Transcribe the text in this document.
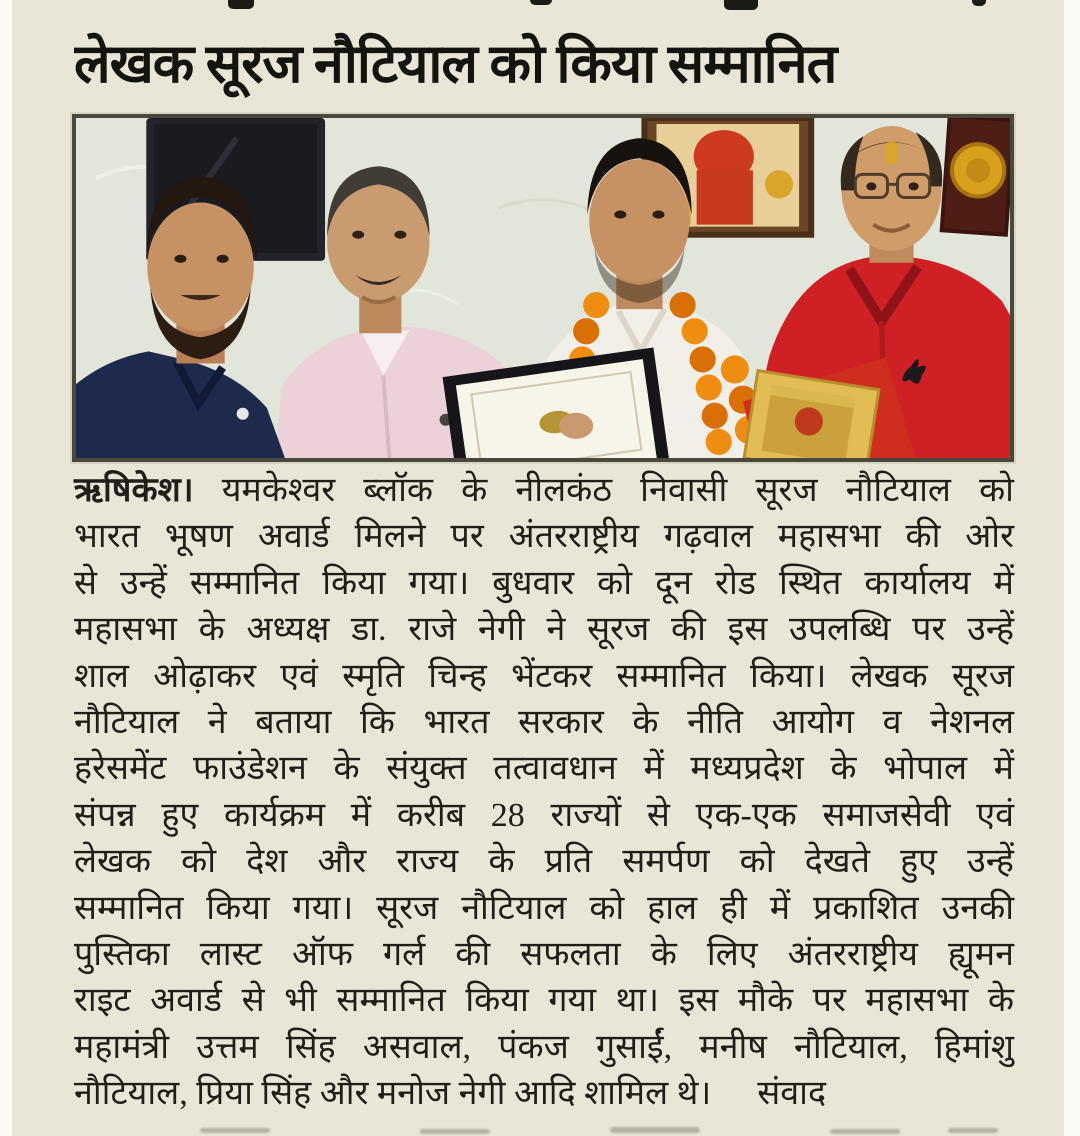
लेखक सूरज नौटियाल को किया सम्मानित
ऋषिकेश। यमकेश्वर ब्लॉक के नीलकंठ निवासी सूरज नौटियाल को
भारत भूषण अवार्ड मिलने पर अंतरराष्ट्रीय गढ़वाल महासभा की ओर
से उन्हें सम्मानित किया गया। बुधवार को दून रोड स्थित कार्यालय में
महासभा के अध्यक्ष डा. राजे नेगी ने सूरज की इस उपलब्धि पर उन्हें
शाल ओढ़ाकर एवं स्मृति चिन्ह भेंटकर सम्मानित किया। लेखक सूरज
नौटियाल ने बताया कि भारत सरकार के नीति आयोग व नेशनल
हरेसमेंट फाउंडेशन के संयुक्त तत्वावधान में मध्यप्रदेश के भोपाल में
संपन्न हुए कार्यक्रम में करीब 28 राज्यों से एक-एक समाजसेवी एवं
लेखक को देश और राज्य के प्रति समर्पण को देखते हुए उन्हें
सम्मानित किया गया। सूरज नौटियाल को हाल ही में प्रकाशित उनकी
पुस्तिका लास्ट ऑफ गर्ल की सफलता के लिए अंतरराष्ट्रीय ह्यूमन
राइट अवार्ड से भी सम्मानित किया गया था। इस मौके पर महासभा के
महामंत्री उत्तम सिंह असवाल, पंकज गुसाईं, मनीष नौटियाल, हिमांशु
नौटियाल, प्रिया सिंह और मनोज नेगी आदि शामिल थे। संवाद
